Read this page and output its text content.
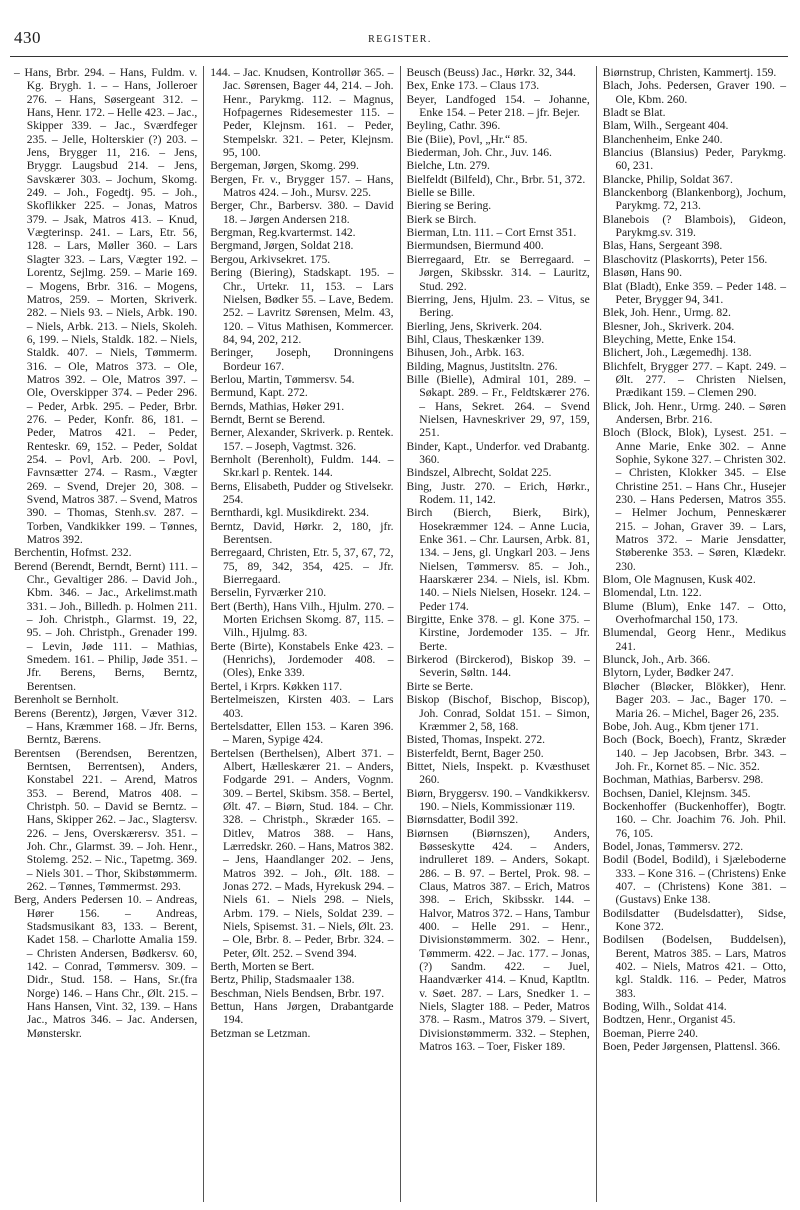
430	REGISTER.

– Hans, Brbr. 294. – Hans, Fuldm. v. Kg. Brygh. 1. – – Hans, Jolleroer 276. – Hans, Søsergeant 312. – Hans, Henr. 172. – Helle 423. – Jac., Skipper 339. – Jac., Sværdfeger 235. – Jelle, Holterskier (?) 203. – Jens, Brygger 11, 216. – Jens, Bryggr. Laugsbud 214. – Jens, Savskærer 303. – Jochum, Skomg. 249. – Joh., Fogedtj. 95. – Joh., Skoflikker 225. – Jonas, Matros 379. – Jsak, Matros 413. – Knud, Vægterinsp. 241. – Lars, Etr. 56, 128. – Lars, Møller 360. – Lars Slagter 323. – Lars, Vægter 192. – Lorentz, Sejlmg. 259. – Marie 169. – Mogens, Brbr. 316. – Mogens, Matros, 259. – Morten, Skriverk. 282. – Niels 93. – Niels, Arbk. 190. – Niels, Arbk. 213. – Niels, Skoleh. 6, 199. – Niels, Staldk. 182. – Niels, Staldk. 407. – Niels, Tømmerm. 316. – Ole, Matros 373. – Ole, Matros 392. – Ole, Matros 397. – Ole, Overskipper 374. – Peder 296. – Peder, Arbk. 295. – Peder, Brbr. 276. – Peder, Konfr. 86, 181. – Peder, Matros 421. – Peder, Renteskr. 69, 152. – Peder, Soldat 254. – Povl, Arb. 200. – Povl, Favnsætter 274. – Rasm., Vægter 269. – Svend, Drejer 20, 308. – Svend, Matros 387. – Svend, Matros 390. – Thomas, Stenh.sv. 287. – Torben, Vandkikker 199. – Tønnes, Matros 392.

Berchentin, Hofmst. 232.

Berend (Berendt, Berndt, Bernt) 111. – Chr., Gevaltiger 286. – David Joh., Kbm. 346. – Jac., Arkelimst.math 331. – Joh., Billedh. p. Holmen 211. – Joh. Christph., Glarmst. 19, 22, 95. – Joh. Christph., Grenader 199. – Levin, Jøde 111. – Mathias, Smedem. 161. – Philip, Jøde 351. – Jfr. Berens, Berns, Berntz, Berentsen.

Berenholt se Bernholt.

Berens (Berentz), Jørgen, Væver 312. – Hans, Kræmmer 168. – Jfr. Berns, Berntz, Bærens.

Berentsen (Berendsen, Berentzen, Berntsen, Berrentsen), Anders, Konstabel 221. – Arend, Matros 353. – Berend, Matros 408. – Christph. 50. – David se Berntz. – Hans, Skipper 262. – Jac., Slagtersv. 226. – Jens, Overskærersv. 351. – Joh. Chr., Glarmst. 39. – Joh. Henr., Stolemg. 252. – Nic., Tapetmg. 369. – Niels 301. – Thor, Skibstømmerm. 262. – Tønnes, Tømmermst. 293.

Berg, Anders Pedersen 10. – Andreas, Hører 156. – Andreas, Stadsmusikant 83, 133. – Berent, Kadet 158. – Charlotte Amalia 159. – Christen Andersen, Bødkersv. 60, 142. – Conrad, Tømmersv. 309. – Didr., Stud. 158. – Hans, Sr.(fra Norge) 146. – Hans Chr., Ølt. 215. – Hans Hansen, Vint. 32, 139. – Hans Jac., Matros 346. – Jac. Andersen, Mønsterskr.

144. – Jac. Knudsen, Kontrollør 365. – Jac. Sørensen, Bager 44, 214. – Joh. Henr., Parykmg. 112. – Magnus, Hofpagernes Ridesemester 115. – Peder, Klejnsm. 161. – Peder, Stempelskr. 321. – Peter, Klejnsm. 95, 100.

Bergeman, Jørgen, Skomg. 299.

Bergen, Fr. v., Brygger 157. – Hans, Matros 424. – Joh., Mursv. 225.

Berger, Chr., Barbersv. 380. – David 18. – Jørgen Andersen 218.

Bergman, Reg.kvartermst. 142.

Bergmand, Jørgen, Soldat 218.

Bergou, Arkivsekret. 175.

Bering (Biering), Stadskapt. 195. – Chr., Urtekr. 11, 153. – Lars Nielsen, Bødker 55. – Lave, Bedem. 252. – Lavritz Sørensen, Melm. 43, 120. – Vitus Mathisen, Kommercer. 84, 94, 202, 212.

Beringer, Joseph, Dronningens Bordeur 167.

Berlou, Martin, Tømmersv. 54.

Bermund, Kapt. 272.

Bernds, Mathias, Høker 291.

Berndt, Bernt se Berend.

Berner, Alexander, Skriverk. p. Rentek. 157. – Joseph, Vagtmst. 326.

Bernholt (Berenholt), Fuldm. 144. – Skr.karl p. Rentek. 144.

Berns, Elisabeth, Pudder og Stivelsekr. 254.

Bernthardi, kgl. Musikdirekt. 234.

Berntz, David, Hørkr. 2, 180, jfr. Berentsen.

Berregaard, Christen, Etr. 5, 37, 67, 72, 75, 89, 342, 354, 425. – Jfr. Bierregaard.

Berselin, Fyrværker 210.

Bert (Berth), Hans Vilh., Hjulm. 270. – Morten Erichsen Skomg. 87, 115. – Vilh., Hjulmg. 83.

Berte (Birte), Konstabels Enke 423. – (Henrichs), Jordemoder 408. – (Oles), Enke 339.

Bertel, i Krprs. Køkken 117.

Bertelmeiszen, Kirsten 403. – Lars 403.

Bertelsdatter, Ellen 153. – Karen 396. – Maren, Sypige 424.

Bertelsen (Berthelsen), Albert 371. – Albert, Hælleskærer 21. – Anders, Fodgarde 291. – Anders, Vognm. 309. – Bertel, Skibsm. 358. – Bertel, Ølt. 47. – Biørn, Stud. 184. – Chr. 328. – Christph., Skræder 165. – Ditlev, Matros 388. – Hans, Lærredskr. 260. – Hans, Matros 382. – Jens, Haandlanger 202. – Jens, Matros 392. – Joh., Ølt. 188. – Jonas 272. – Mads, Hyrekusk 294. – Niels 61. – Niels 298. – Niels, Arbm. 179. – Niels, Soldat 239. – Niels, Spisemst. 31. – Niels, Ølt. 23. – Ole, Brbr. 8. – Peder, Brbr. 324. – Peter, Ølt. 252. – Svend 394.

Berth, Morten se Bert.

Bertz, Philip, Stadsmaaler 138.

Beschman, Niels Bendsen, Brbr. 197.

Bettun, Hans Jørgen, Drabantgarde 194.

Betzman se Letzman.

Beusch (Beuss) Jac., Hørkr. 32, 344.

Bex, Enke 173. – Claus 173.

Beyer, Landfoged 154. – Johanne, Enke 154. – Peter 218. – jfr. Bejer.

Beyling, Cathr. 396.

Bie (Biie), Povl, „Hr.“ 85.

Biederman, Joh. Chr., Juv. 146.

Bielche, Ltn. 279.

Bielfeldt (Bilfeld), Chr., Brbr. 51, 372.

Bielle se Bille.

Biering se Bering.

Bierk se Birch.

Bierman, Ltn. 111. – Cort Ernst 351.

Biermundsen, Biermund 400.

Bierregaard, Etr. se Berregaard. – Jørgen, Skibsskr. 314. – Lauritz, Stud. 292.

Bierring, Jens, Hjulm. 23. – Vitus, se Bering.

Bierling, Jens, Skriverk. 204.

Bihl, Claus, Theskænker 139.

Bihusen, Joh., Arbk. 163.

Bilding, Magnus, Justitsltn. 276.

Bille (Bielle), Admiral 101, 289. – Søkapt. 289. – Fr., Feldtskærer 276. – Hans, Sekret. 264. – Svend Nielsen, Havneskriver 29, 97, 159, 251.

Binder, Kapt., Underfor. ved Drabantg. 360.

Bindszel, Albrecht, Soldat 225.

Bing, Justr. 270. – Erich, Hørkr., Rodem. 11, 142.

Birch (Bierch, Bierk, Birk), Hosekræmmer 124. – Anne Lucia, Enke 361. – Chr. Laursen, Arbk. 81, 134. – Jens, gl. Ungkarl 203. – Jens Nielsen, Tømmersv. 85. – Joh., Haarskærer 234. – Niels, isl. Kbm. 140. – Niels Nielsen, Hosekr. 124. – Peder 174.

Birgitte, Enke 378. – gl. Kone 375. – Kirstine, Jordemoder 135. – Jfr. Berte.

Birkerod (Birckerod), Biskop 39. – Severin, Søltn. 144.

Birte se Berte.

Biskop (Bischof, Bischop, Biscop), Joh. Conrad, Soldat 151. – Simon, Kræmmer 2, 58, 168.

Bisted, Thomas, Inspekt. 272.

Bisterfeldt, Bernt, Bager 250.

Bittet, Niels, Inspekt. p. Kvæsthuset 260.

Biørn, Bryggersv. 190. – Vandkikkersv. 190. – Niels, Kommissionær 119.

Biørnsdatter, Bodil 392.

Biørnsen (Biørnszen), Anders, Bøsseskytte 424. – Anders, indrulleret 189. – Anders, Sokapt. 286. – B. 97. – Bertel, Prok. 98. – Claus, Matros 387. – Erich, Matros 398. – Erich, Skibsskr. 144. – Halvor, Matros 372. – Hans, Tambur 400. – Helle 291. – Henr., Divisionstømmerm. 302. – Henr., Tømmerm. 422. – Jac. 177. – Jonas, (?) Sandm. 422. – Juel, Haandværker 414. – Knud, Kaptltn. v. Søet. 287. – Lars, Snedker 1. – Niels, Slagter 188. – Peder, Matros 378. – Rasm., Matros 379. – Sivert, Divisionstømmerm. 332. – Stephen, Matros 163. – Toer, Fisker 189.

Biørnstrup, Christen, Kammertj. 159.

Blach, Johs. Pedersen, Graver 190. – Ole, Kbm. 260.

Bladt se Blat.

Blam, Wilh., Sergeant 404.

Blanchenheim, Enke 240.

Blancius (Blansius) Peder, Parykmg. 60, 231.

Blancke, Philip, Soldat 367.

Blanckenborg (Blankenborg), Jochum, Parykmg. 72, 213.

Blanebois (? Blambois), Gideon, Parykmg.sv. 319.

Blas, Hans, Sergeant 398.

Blaschovitz (Plaskorrts), Peter 156.

Blasøn, Hans 90.

Blat (Bladt), Enke 359. – Peder 148. – Peter, Brygger 94, 341.

Blek, Joh. Henr., Urmg. 82.

Blesner, Joh., Skriverk. 204.

Bleyching, Mette, Enke 154.

Blichert, Joh., Lægemedhj. 138.

Blichfelt, Brygger 277. – Kapt. 249. – Ølt. 277. – Christen Nielsen, Prædikant 159. – Clemen 290.

Blick, Joh. Henr., Urmg. 240. – Søren Andersen, Brbr. 216.

Bloch (Block, Blok), Lysest. 251. – Anne Marie, Enke 302. – Anne Sophie, Sykone 327. – Christen 302. – Christen, Klokker 345. – Else Christine 251. – Hans Chr., Husejer 230. – Hans Pedersen, Matros 355. – Helmer Jochum, Penneskærer 215. – Johan, Graver 39. – Lars, Matros 372. – Marie Jensdatter, Støberenke 353. – Søren, Klædekr. 230.

Blom, Ole Magnusen, Kusk 402.

Blomendal, Ltn. 122.

Blume (Blum), Enke 147. – Otto, Overhofmarchal 150, 173.

Blumendal, Georg Henr., Medikus 241.

Blunck, Joh., Arb. 366.

Blytorn, Lyder, Bødker 247.

Bløcher (Bløcker, Blökker), Henr. Bager 203. – Jac., Bager 170. – Maria 26. – Michel, Bager 26, 235.

Bobe, Joh. Aug., Kbm tjener 171.

Boch (Bock, Boech), Frantz, Skræder 140. – Jep Jacobsen, Brbr. 343. – Joh. Fr., Kornet 85. – Nic. 352.

Bochman, Mathias, Barbersv. 298.

Bochsen, Daniel, Klejnsm. 345.

Bockenhoffer (Buckenhoffer), Bogtr. 160. – Chr. Joachim 76. Joh. Phil. 76, 105.

Bodel, Jonas, Tømmersv. 272.

Bodil (Bodel, Bodild), i Sjæleboderne 333. – Kone 316. – (Christens) Enke 407. – (Christens) Kone 381. – (Gustavs) Enke 138.

Bodilsdatter (Budelsdatter), Sidse, Kone 372.

Bodilsen (Bodelsen, Buddelsen), Berent, Matros 385. – Lars, Matros 402. – Niels, Matros 421. – Otto, kgl. Staldk. 116. – Peder, Matros 383.

Boding, Wilh., Soldat 414.

Bodtzen, Henr., Organist 45.

Boeman, Pierre 240.

Boen, Peder Jørgensen, Plattensl. 366.
